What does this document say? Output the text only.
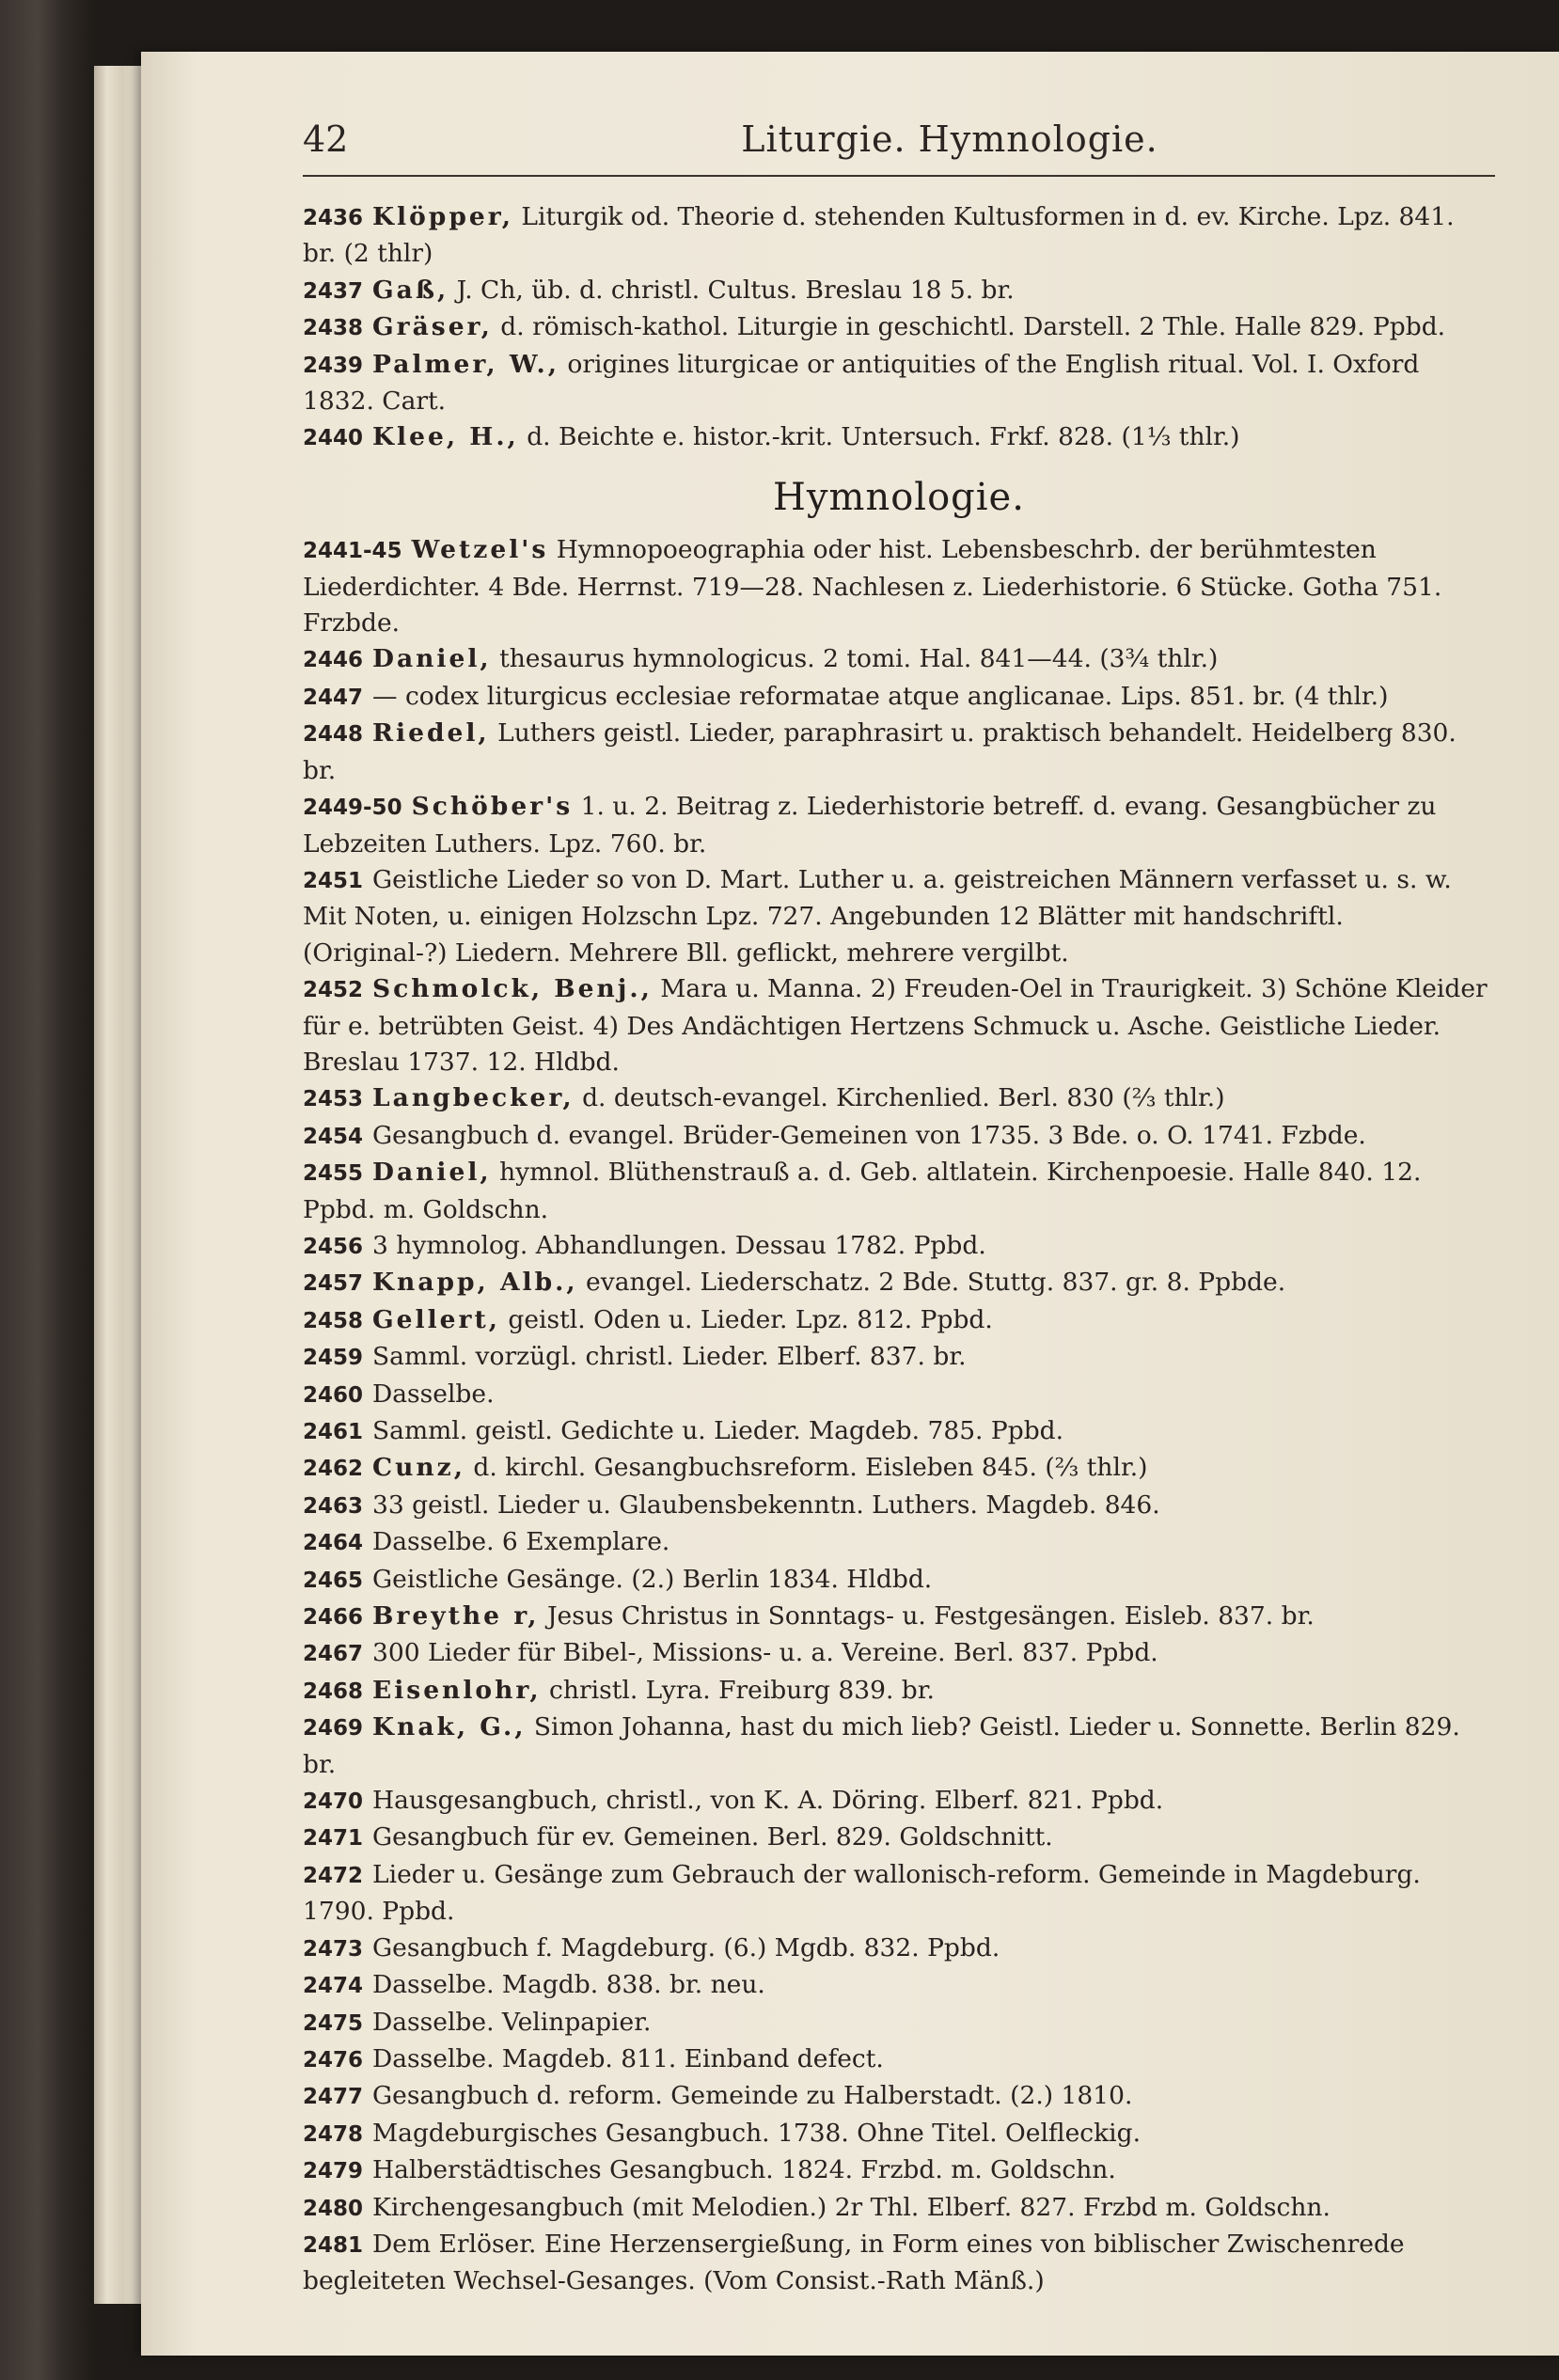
42	Liturgie. Hymnologie.

2436 Klöpper, Liturgik od. Theorie d. stehenden Kultusformen in d. ev. Kirche. Lpz. 841. br. (2 thlr)

2437 Gaß, J. Ch, üb. d. christl. Cultus. Breslau 18 5. br.

2438 Gräser, d. römisch-kathol. Liturgie in geschichtl. Darstell. 2 Thle. Halle 829. Ppbd.

2439 Palmer, W., origines liturgicae or antiquities of the English ritual. Vol. I. Oxford 1832. Cart.

2440 Klee, H., d. Beichte e. histor.-krit. Untersuch. Frkf. 828. (1⅓ thlr.)

Hymnologie.

2441-45 Wetzel's Hymnopoeographia oder hist. Lebensbeschrb. der berühmtesten Liederdichter. 4 Bde. Herrnst. 719—28. Nachlesen z. Liederhistorie. 6 Stücke. Gotha 751. Frzbde.

2446 Daniel, thesaurus hymnologicus. 2 tomi. Hal. 841—44. (3¾ thlr.)

2447 — codex liturgicus ecclesiae reformatae atque anglicanae. Lips. 851. br. (4 thlr.)

2448 Riedel, Luthers geistl. Lieder, paraphrasirt u. praktisch behandelt. Heidelberg 830. br.

2449-50 Schöber's 1. u. 2. Beitrag z. Liederhistorie betreff. d. evang. Gesangbücher zu Lebzeiten Luthers. Lpz. 760. br.

2451 Geistliche Lieder so von D. Mart. Luther u. a. geistreichen Männern verfasset u. s. w. Mit Noten, u. einigen Holzschn Lpz. 727. Angebunden 12 Blätter mit handschriftl. (Original-?) Liedern. Mehrere Bll. geflickt, mehrere vergilbt.

2452 Schmolck, Benj., Mara u. Manna. 2) Freuden-Oel in Traurigkeit. 3) Schöne Kleider für e. betrübten Geist. 4) Des Andächtigen Hertzens Schmuck u. Asche. Geistliche Lieder. Breslau 1737. 12. Hldbd.

2453 Langbecker, d. deutsch-evangel. Kirchenlied. Berl. 830 (⅔ thlr.)

2454 Gesangbuch d. evangel. Brüder-Gemeinen von 1735. 3 Bde. o. O. 1741. Fzbde.

2455 Daniel, hymnol. Blüthenstrauß a. d. Geb. altlatein. Kirchenpoesie. Halle 840. 12. Ppbd. m. Goldschn.

2456 3 hymnolog. Abhandlungen. Dessau 1782. Ppbd.

2457 Knapp, Alb., evangel. Liederschatz. 2 Bde. Stuttg. 837. gr. 8. Ppbde.

2458 Gellert, geistl. Oden u. Lieder. Lpz. 812. Ppbd.

2459 Samml. vorzügl. christl. Lieder. Elberf. 837. br.

2460 Dasselbe.

2461 Samml. geistl. Gedichte u. Lieder. Magdeb. 785. Ppbd.

2462 Cunz, d. kirchl. Gesangbuchsreform. Eisleben 845. (⅔ thlr.)

2463 33 geistl. Lieder u. Glaubensbekenntn. Luthers. Magdeb. 846.

2464 Dasselbe. 6 Exemplare.

2465 Geistliche Gesänge. (2.) Berlin 1834. Hldbd.

2466 Breythe r, Jesus Christus in Sonntags- u. Festgesängen. Eisleb. 837. br.

2467 300 Lieder für Bibel-, Missions- u. a. Vereine. Berl. 837. Ppbd.

2468 Eisenlohr, christl. Lyra. Freiburg 839. br.

2469 Knak, G., Simon Johanna, hast du mich lieb? Geistl. Lieder u. Sonnette. Berlin 829. br.

2470 Hausgesangbuch, christl., von K. A. Döring. Elberf. 821. Ppbd.

2471 Gesangbuch für ev. Gemeinen. Berl. 829. Goldschnitt.

2472 Lieder u. Gesänge zum Gebrauch der wallonisch-reform. Gemeinde in Magdeburg. 1790. Ppbd.

2473 Gesangbuch f. Magdeburg. (6.) Mgdb. 832. Ppbd.

2474 Dasselbe. Magdb. 838. br. neu.

2475 Dasselbe. Velinpapier.

2476 Dasselbe. Magdeb. 811. Einband defect.

2477 Gesangbuch d. reform. Gemeinde zu Halberstadt. (2.) 1810.

2478 Magdeburgisches Gesangbuch. 1738. Ohne Titel. Oelfleckig.

2479 Halberstädtisches Gesangbuch. 1824. Frzbd. m. Goldschn.

2480 Kirchengesangbuch (mit Melodien.) 2r Thl. Elberf. 827. Frzbd m. Goldschn.

2481 Dem Erlöser. Eine Herzensergießung, in Form eines von biblischer Zwischenrede begleiteten Wechsel-Gesanges. (Vom Consist.-Rath Mänß.)
